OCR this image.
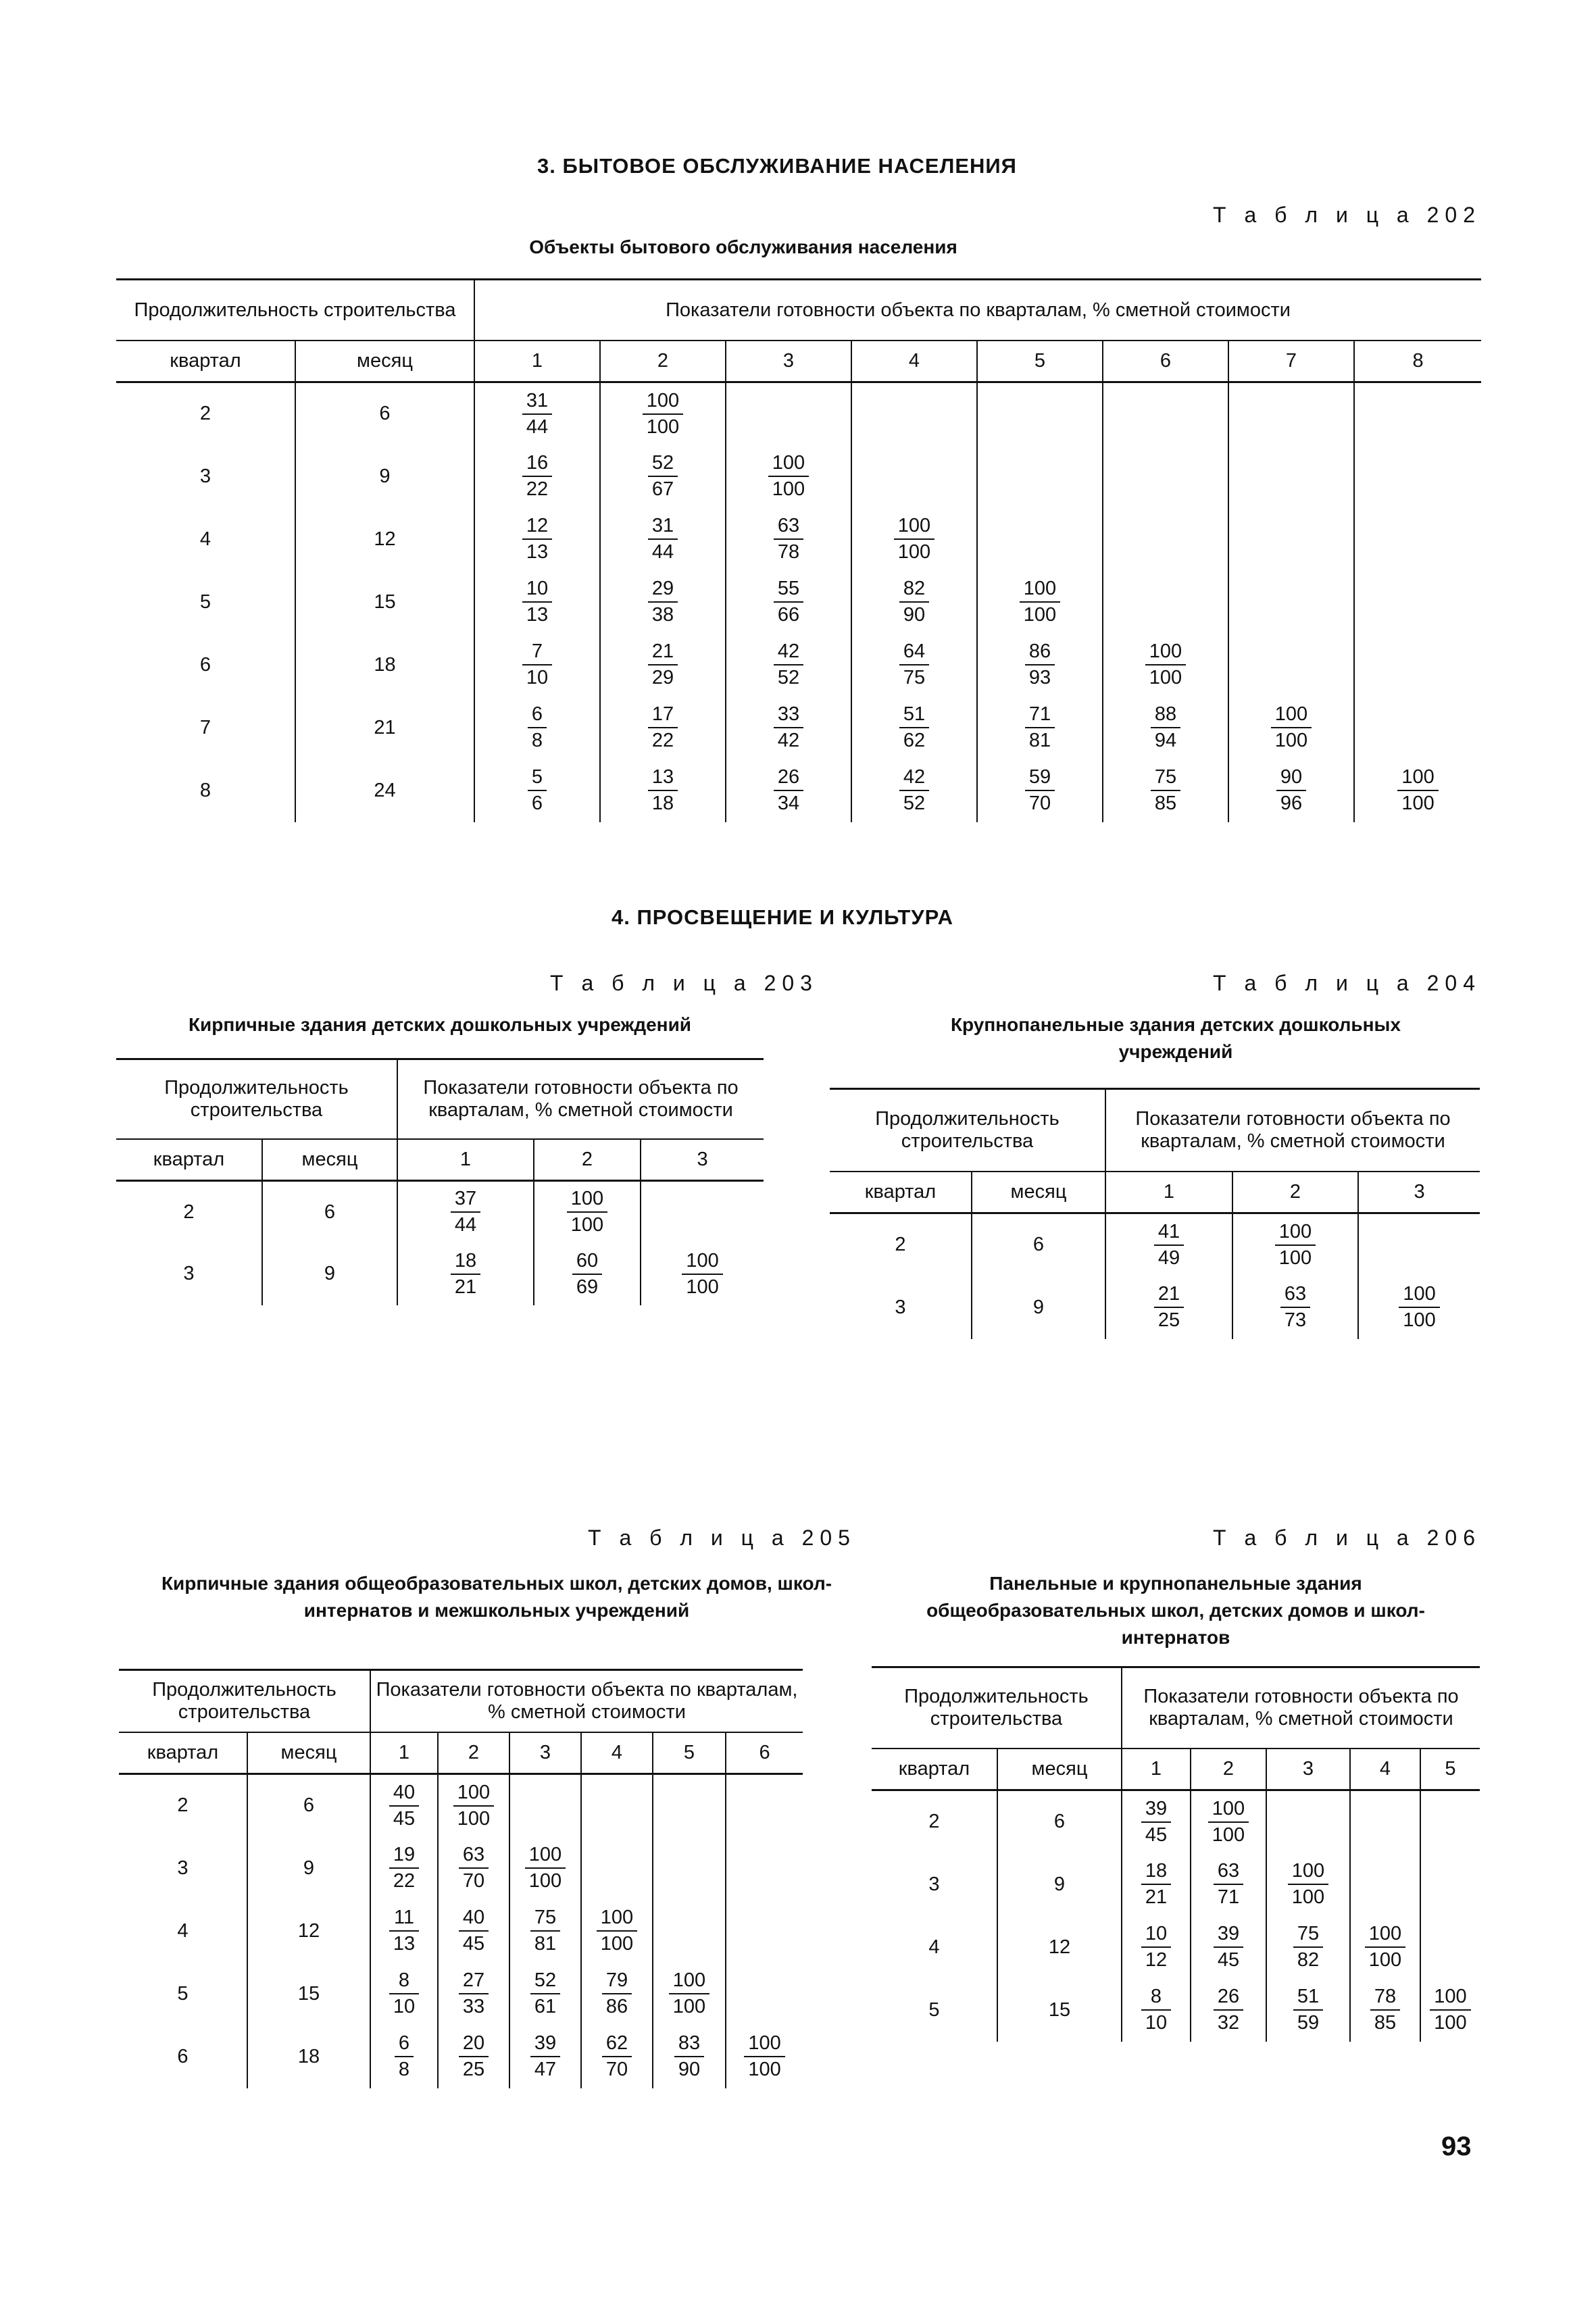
3. БЫТОВОЕ ОБСЛУЖИВАНИЕ НАСЕЛЕНИЯ
Т а б л и ц а 202
Объекты бытового обслуживания населения
Продолжительность строительства		Показатели готовности объекта по кварталам, % сметной стоимости							
квартал	месяц	1	2	3	4	5	6	7	8
2	6	$\frac{31}{44}$	$\frac{100}{100}$

3	9	$\frac{16}{22}$	$\frac{52}{67}$	$\frac{100}{100}$

4	12	$\frac{12}{13}$	$\frac{31}{44}$	$\frac{63}{78}$	$\frac{100}{100}$

5	15	$\frac{10}{13}$	$\frac{29}{38}$	$\frac{55}{66}$	$\frac{82}{90}$	$\frac{100}{100}$

6	18	$\frac{7}{10}$	$\frac{21}{29}$	$\frac{42}{52}$	$\frac{64}{75}$	$\frac{86}{93}$	$\frac{100}{100}$

7	21	$\frac{6}{8}$	$\frac{17}{22}$	$\frac{33}{42}$	$\frac{51}{62}$	$\frac{71}{81}$	$\frac{88}{94}$	$\frac{100}{100}$

8	24	$\frac{5}{6}$	$\frac{13}{18}$	$\frac{26}{34}$	$\frac{42}{52}$	$\frac{59}{70}$	$\frac{75}{85}$	$\frac{90}{96}$	$\frac{100}{100}$
4. ПРОСВЕЩЕНИЕ И КУЛЬТУРА
Т а б л и ц а 203
Кирпичные здания детских дошкольных учреждений
Продолжительность строительства		Показатели готовности объекта по кварталам, % сметной стоимости		
квартал	месяц	1	2	3
2	6	$\frac{37}{44}$	$\frac{100}{100}$

3	9	$\frac{18}{21}$	$\frac{60}{69}$	$\frac{100}{100}$
Т а б л и ц а 204
Крупнопанельные здания детских дошкольных учреждений
Продолжительность строительства		Показатели готовности объекта по кварталам, % сметной стоимости		
квартал	месяц	1	2	3
2	6	$\frac{41}{49}$	$\frac{100}{100}$

3	9	$\frac{21}{25}$	$\frac{63}{73}$	$\frac{100}{100}$
Т а б л и ц а 205
Кирпичные здания общеобразовательных школ, детских домов, школ-интернатов и межшкольных учреждений
Продолжительность строительства		Показатели готовности объекта по кварталам, % сметной стоимости					
квартал	месяц	1	2	3	4	5	6
2	6	$\frac{40}{45}$	$\frac{100}{100}$

3	9	$\frac{19}{22}$	$\frac{63}{70}$	$\frac{100}{100}$

4	12	$\frac{11}{13}$	$\frac{40}{45}$	$\frac{75}{81}$	$\frac{100}{100}$

5	15	$\frac{8}{10}$	$\frac{27}{33}$	$\frac{52}{61}$	$\frac{79}{86}$	$\frac{100}{100}$

6	18	$\frac{6}{8}$	$\frac{20}{25}$	$\frac{39}{47}$	$\frac{62}{70}$	$\frac{83}{90}$	$\frac{100}{100}$
Т а б л и ц а 206
Панельные и крупнопанельные здания общеобразовательных школ, детских домов и школ-интернатов
Продолжительность строительства		Показатели готовности объекта по кварталам, % сметной стоимости				
квартал	месяц	1	2	3	4	5
2	6	$\frac{39}{45}$	$\frac{100}{100}$

3	9	$\frac{18}{21}$	$\frac{63}{71}$	$\frac{100}{100}$

4	12	$\frac{10}{12}$	$\frac{39}{45}$	$\frac{75}{82}$	$\frac{100}{100}$

5	15	$\frac{8}{10}$	$\frac{26}{32}$	$\frac{51}{59}$	$\frac{78}{85}$	$\frac{100}{100}$
93
